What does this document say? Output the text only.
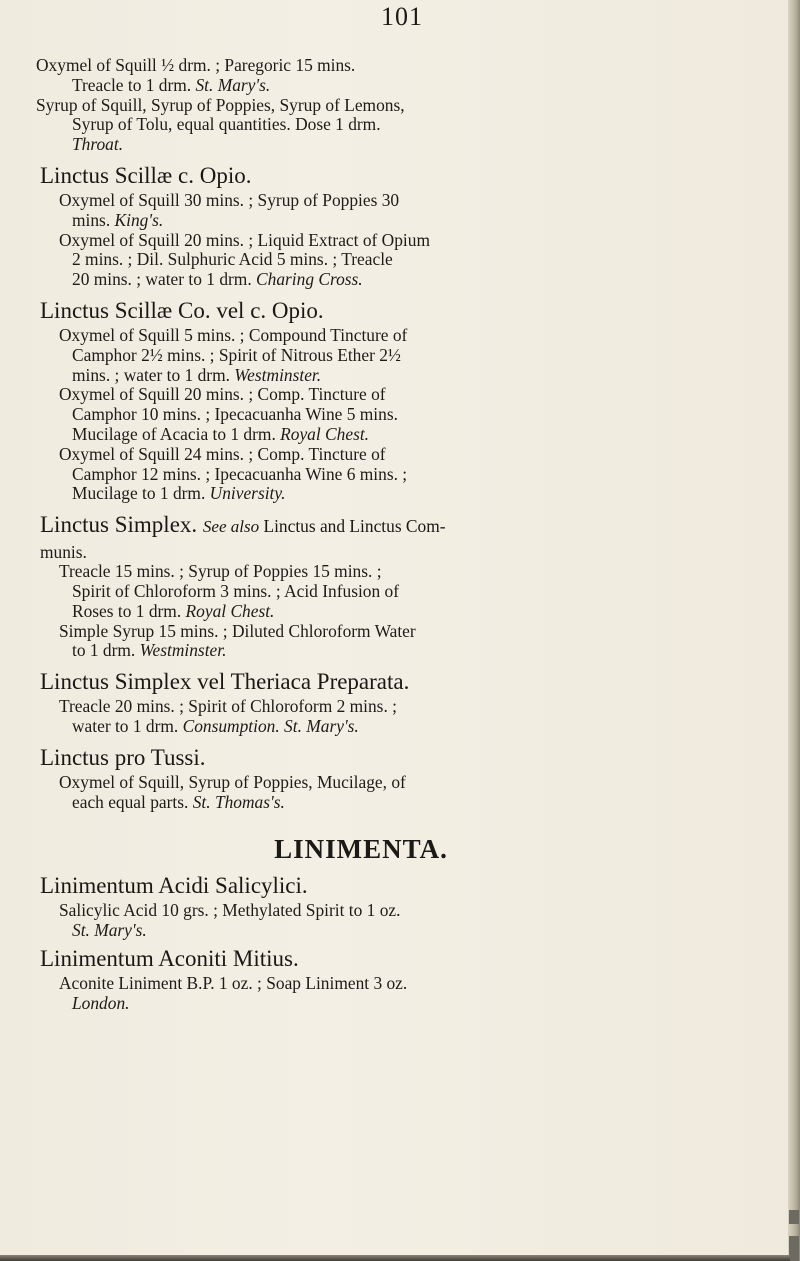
101
Oxymel of Squill ½ drm. ; Paregoric 15 mins.
Treacle to 1 drm. St. Mary's.
Syrup of Squill, Syrup of Poppies, Syrup of Lemons,
Syrup of Tolu, equal quantities. Dose 1 drm.
Throat.
Linctus Scillæ c. Opio.
Oxymel of Squill 30 mins. ; Syrup of Poppies 30
mins. King's.
Oxymel of Squill 20 mins. ; Liquid Extract of Opium
2 mins. ; Dil. Sulphuric Acid 5 mins. ; Treacle
20 mins. ; water to 1 drm. Charing Cross.
Linctus Scillæ Co. vel c. Opio.
Oxymel of Squill 5 mins. ; Compound Tincture of
Camphor 2½ mins. ; Spirit of Nitrous Ether 2½
mins. ; water to 1 drm. Westminster.
Oxymel of Squill 20 mins. ; Comp. Tincture of
Camphor 10 mins. ; Ipecacuanha Wine 5 mins.
Mucilage of Acacia to 1 drm. Royal Chest.
Oxymel of Squill 24 mins. ; Comp. Tincture of
Camphor 12 mins. ; Ipecacuanha Wine 6 mins. ;
Mucilage to 1 drm. University.
Linctus Simplex. See also Linctus and Linctus Com-
munis.
Treacle 15 mins. ; Syrup of Poppies 15 mins. ;
Spirit of Chloroform 3 mins. ; Acid Infusion of
Roses to 1 drm. Royal Chest.
Simple Syrup 15 mins. ; Diluted Chloroform Water
to 1 drm. Westminster.
Linctus Simplex vel Theriaca Preparata.
Treacle 20 mins. ; Spirit of Chloroform 2 mins. ;
water to 1 drm. Consumption. St. Mary's.
Linctus pro Tussi.
Oxymel of Squill, Syrup of Poppies, Mucilage, of
each equal parts. St. Thomas's.
LINIMENTA.
Linimentum Acidi Salicylici.
Salicylic Acid 10 grs. ; Methylated Spirit to 1 oz.
St. Mary's.
Linimentum Aconiti Mitius.
Aconite Liniment B.P. 1 oz. ; Soap Liniment 3 oz.
London.
